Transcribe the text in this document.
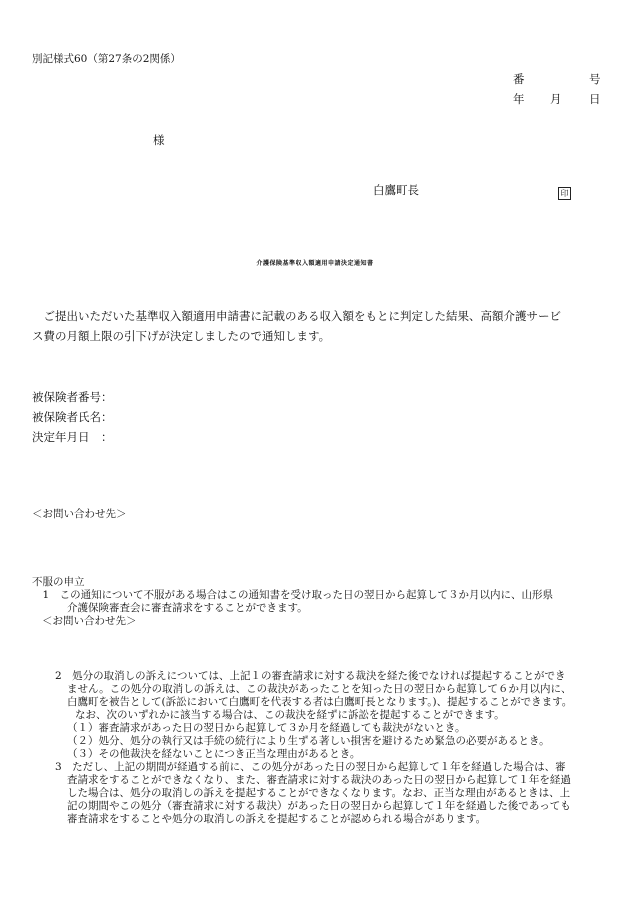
別記様式60（第27条の2関係）
番	号
年 月 日
様
白鷹町長	印
介護保険基準収入額適用申請決定通知書
　ご提出いただいた基準収入額適用申請書に記載のある収入額をもとに判定した結果、高額介護サービ
ス費の月額上限の引下げが決定しましたので通知します。
被保険者番号：
被保険者氏名：
決定年月日　：
＜お問い合わせ先＞
不服の申立
　1　この通知について不服がある場合はこの通知書を受け取った日の翌日から起算して３か月以内に、山形県
介護保険審査会に審査請求をすることができます。
＜お問い合わせ先＞
2　処分の取消しの訴えについては、上記１の審査請求に対する裁決を経た後でなければ提起することができ
ません。この処分の取消しの訴えは、この裁決があったことを知った日の翌日から起算して６か月以内に、
白鷹町を被告として(訴訟において白鷹町を代表する者は白鷹町長となります。)、提起することができます。
なお、次のいずれかに該当する場合は、この裁決を経ずに訴訟を提起することができます。
（１）審査請求があった日の翌日から起算して３か月を経過しても裁決がないとき。
（２）処分、処分の執行又は手続の続行により生ずる著しい損害を避けるため緊急の必要があるとき。
（３）その他裁決を経ないことにつき正当な理由があるとき。
3　ただし、上記の期間が経過する前に、この処分があった日の翌日から起算して１年を経過した場合は、審
査請求をすることができなくなり、また、審査請求に対する裁決のあった日の翌日から起算して１年を経過
した場合は、処分の取消しの訴えを提起することができなくなります。なお、正当な理由があるときは、上
記の期間やこの処分（審査請求に対する裁決）があった日の翌日から起算して１年を経過した後であっても
審査請求をすることや処分の取消しの訴えを提起することが認められる場合があります。
